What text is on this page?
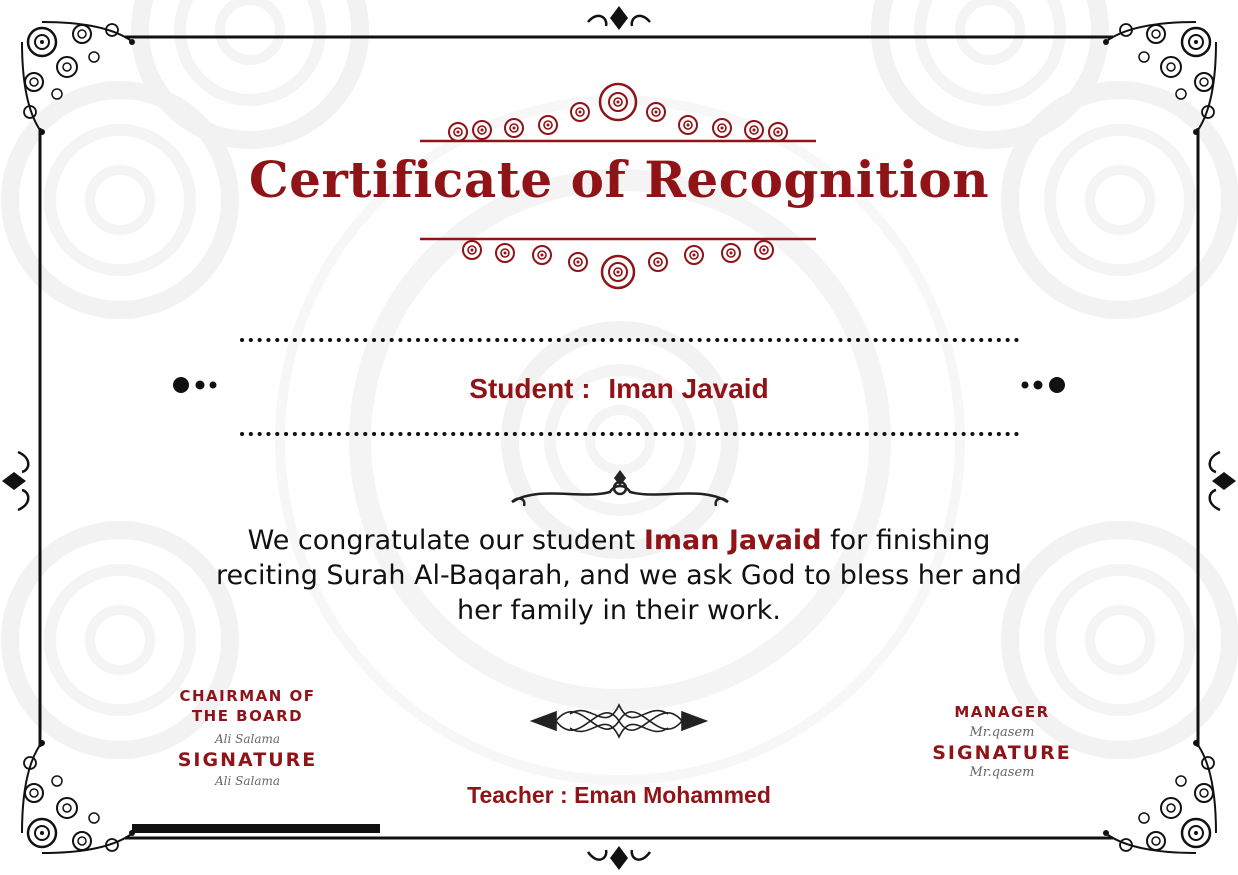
Certificate of Recognition
Student : Iman Javaid
We congratulate our student Iman Javaid for finishing reciting Surah Al-Baqarah, and we ask God to bless her and her family in their work.
CHAIRMAN OF
THE BOARD
Ali Salama
SIGNATURE
Ali Salama
MANAGER
Mr.qasem
SIGNATURE
Mr.qasem
Teacher : Eman Mohammed
